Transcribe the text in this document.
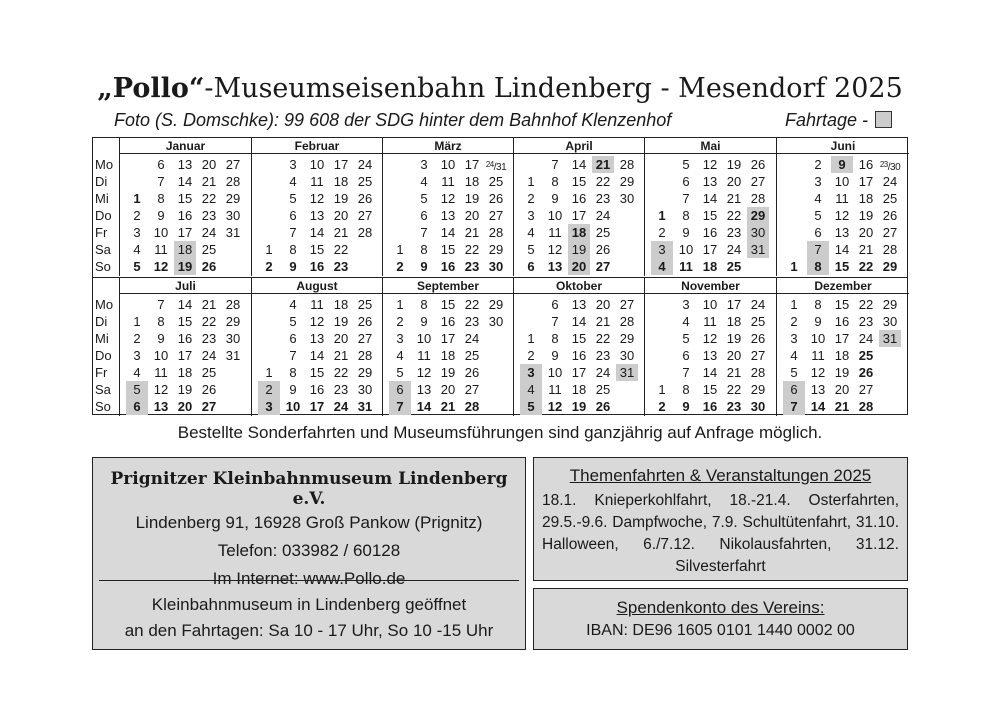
„Pollo“-Museumseisenbahn Lindenberg - Mesendorf 2025
Foto (S. Domschke): 99 608 der SDG hinter dem Bahnhof Klenzenhof	Fahrtage -
Mo
Di
Mi
Do
Fr
Sa
So
Januar
1
2
3
4
5
6
7
8
9
10
11
12
13
14
15
16
17
18
19
20
21
22
23
24
25
26
27
28
29
30
31
Februar
1
2
3
4
5
6
7
8
9
10
11
12
13
14
15
16
17
18
19
20
21
22
23
24
25
26
27
28
März
1
2
3
4
5
6
7
8
9
10
11
12
13
14
15
16
17
18
19
20
21
22
23
$^{24}$/31
25
26
27
28
29
30
April
1
2
3
4
5
6
7
8
9
10
11
12
13
14
15
16
17
18
19
20
21
22
23
24
25
26
27
28
29
30
Mai
1
2
3
4
5
6
7
8
9
10
11
12
13
14
15
16
17
18
19
20
21
22
23
24
25
26
27
28
29
30
31
Juni
1
2
3
4
5
6
7
8
9
10
11
12
13
14
15
16
17
18
19
20
21
22
$^{23}$/30
24
25
26
27
28
29
Mo
Di
Mi
Do
Fr
Sa
So
Juli
1
2
3
4
5
6
7
8
9
10
11
12
13
14
15
16
17
18
19
20
21
22
23
24
25
26
27
28
29
30
31
August
1
2
3
4
5
6
7
8
9
10
11
12
13
14
15
16
17
18
19
20
21
22
23
24
25
26
27
28
29
30
31
September
1
2
3
4
5
6
7
8
9
10
11
12
13
14
15
16
17
18
19
20
21
22
23
24
25
26
27
28
29
30
Oktober
1
2
3
4
5
6
7
8
9
10
11
12
13
14
15
16
17
18
19
20
21
22
23
24
25
26
27
28
29
30
31
November
1
2
3
4
5
6
7
8
9
10
11
12
13
14
15
16
17
18
19
20
21
22
23
24
25
26
27
28
29
30
Dezember
1
2
3
4
5
6
7
8
9
10
11
12
13
14
15
16
17
18
19
20
21
22
23
24
25
26
27
28
29
30
31
Bestellte Sonderfahrten und Museumsführungen sind ganzjährig auf Anfrage möglich.
Prignitzer Kleinbahnmuseum Lindenberg e.V.
Lindenberg 91, 16928 Groß Pankow (Prignitz)
Telefon: 033982 / 60128
Im Internet: www.Pollo.de
Kleinbahnmuseum in Lindenberg geöffnet
an den Fahrtagen: Sa 10 - 17 Uhr, So 10 -15 Uhr
Themenfahrten & Veranstaltungen 2025
18.1. Knieperkohlfahrt, 18.-21.4. Osterfahrten, 29.5.-9.6. Dampfwoche, 7.9. Schultütenfahrt, 31.10. Halloween, 6./7.12. Nikolausfahrten, 31.12. Silvesterfahrt
Spendenkonto des Vereins:
IBAN: DE96 1605 0101 1440 0002 00
